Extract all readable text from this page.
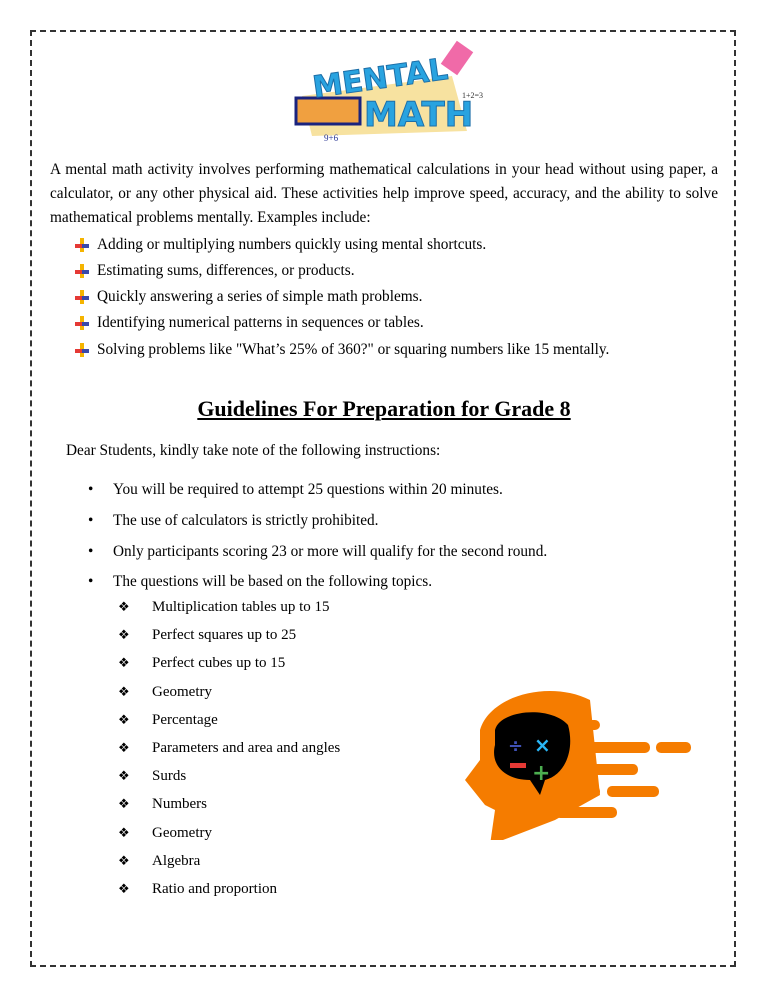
MENTAL
MATH
1+2=3
9+6
A mental math activity involves performing mathematical calculations in your head without using paper, a calculator, or any other physical aid. These activities help improve speed, accuracy, and the ability to solve mathematical problems mentally. Examples include:
Adding or multiplying numbers quickly using mental shortcuts.
Estimating sums, differences, or products.
Quickly answering a series of simple math problems.
Identifying numerical patterns in sequences or tables.
Solving problems like "What’s 25% of 360?" or squaring numbers like 15 mentally.
Guidelines For Preparation for Grade 8
Dear Students, kindly take note of the following instructions:
• You will be required to attempt 25 questions within 20 minutes.
• The use of calculators is strictly prohibited.
• Only participants scoring 23 or more will qualify for the second round.
• The questions will be based on the following topics.
❖ Multiplication tables up to 15
❖ Perfect squares up to 25
❖ Perfect cubes up to 15
❖ Geometry
❖ Percentage
❖ Parameters and area and angles
❖ Surds
❖ Numbers
❖ Geometry
❖ Algebra
❖ Ratio and proportion
÷ ×
+
